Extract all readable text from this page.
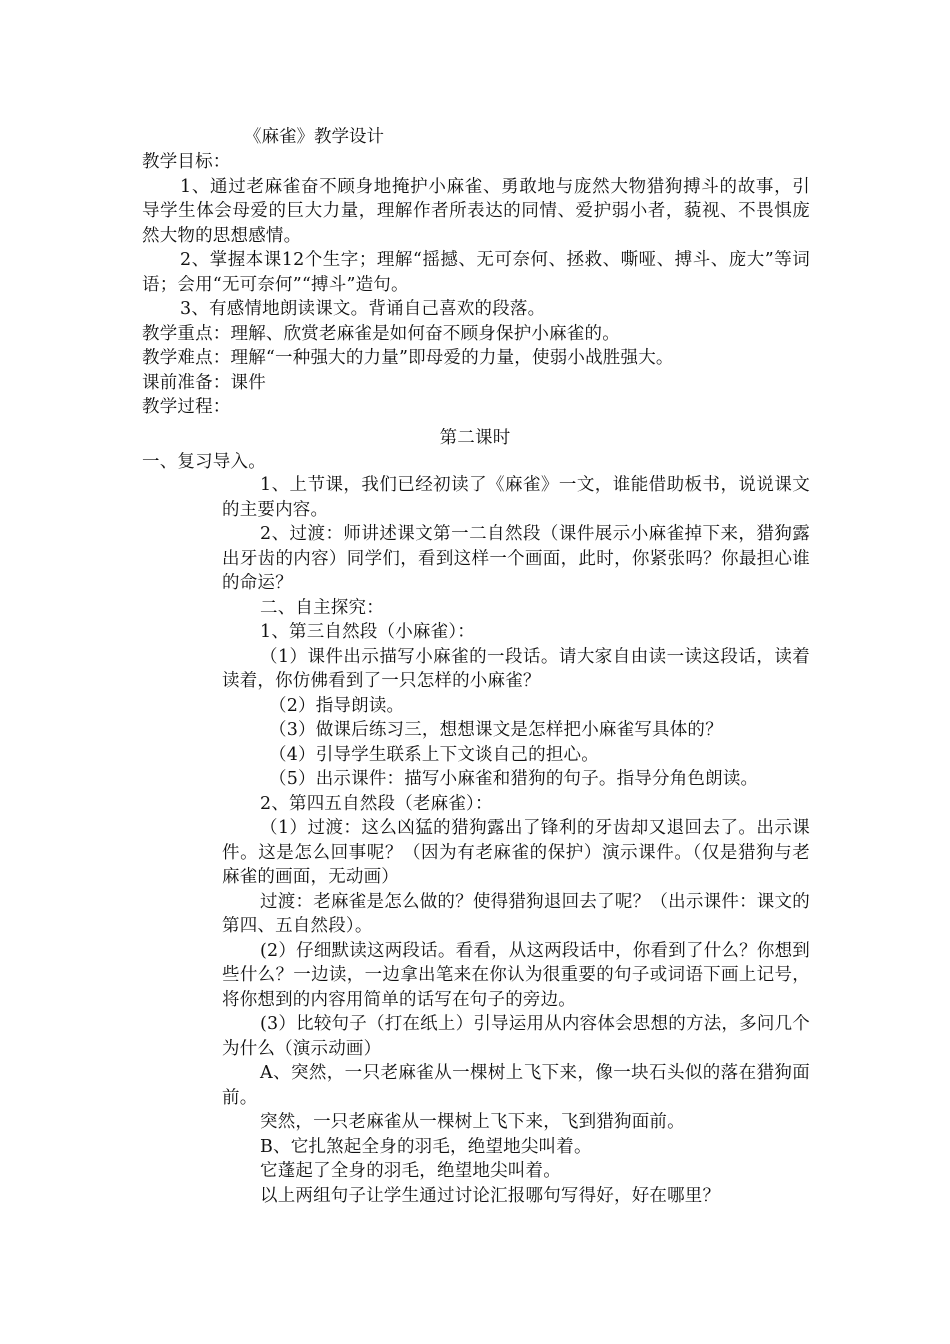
《麻雀》教学设计

教学目标：

1、通过老麻雀奋不顾身地掩护小麻雀、勇敢地与庞然大物猎狗搏斗的故事，引导学生体会母爱的巨大力量，理解作者所表达的同情、爱护弱小者，藐视、不畏惧庞然大物的思想感情。

2、掌握本课12个生字；理解“摇撼、无可奈何、拯救、嘶哑、搏斗、庞大”等词语；会用“无可奈何”“搏斗”造句。

3、有感情地朗读课文。背诵自己喜欢的段落。

教学重点：理解、欣赏老麻雀是如何奋不顾身保护小麻雀的。

教学难点：理解“一种强大的力量”即母爱的力量，使弱小战胜强大。

课前准备：课件

教学过程：

第二课时

一、复习导入。

1、上节课，我们已经初读了《麻雀》一文，谁能借助板书，说说课文的主要内容。

2、过渡：师讲述课文第一二自然段（课件展示小麻雀掉下来，猎狗露出牙齿的内容）同学们，看到这样一个画面，此时，你紧张吗？你最担心谁的命运？

二、自主探究：

1、第三自然段（小麻雀）：

（1）课件出示描写小麻雀的一段话。请大家自由读一读这段话，读着读着，你仿佛看到了一只怎样的小麻雀？

（2）指导朗读。

（3）做课后练习三，想想课文是怎样把小麻雀写具体的？

（4）引导学生联系上下文谈自己的担心。

（5）出示课件：描写小麻雀和猎狗的句子。指导分角色朗读。

2、第四五自然段（老麻雀）：

（1）过渡：这么凶猛的猎狗露出了锋利的牙齿却又退回去了。出示课件。这是怎么回事呢？（因为有老麻雀的保护）演示课件。（仅是猎狗与老麻雀的画面，无动画）

过渡：老麻雀是怎么做的？使得猎狗退回去了呢？（出示课件：课文的第四、五自然段）。

(2）仔细默读这两段话。看看，从这两段话中，你看到了什么？你想到些什么？一边读，一边拿出笔来在你认为很重要的句子或词语下画上记号，将你想到的内容用简单的话写在句子的旁边。

(3）比较句子（打在纸上）引导运用从内容体会思想的方法，多问几个为什么（演示动画）

A、突然，一只老麻雀从一棵树上飞下来，像一块石头似的落在猎狗面前。

突然，一只老麻雀从一棵树上飞下来，飞到猎狗面前。

B、它扎煞起全身的羽毛，绝望地尖叫着。

它蓬起了全身的羽毛，绝望地尖叫着。

以上两组句子让学生通过讨论汇报哪句写得好，好在哪里？
